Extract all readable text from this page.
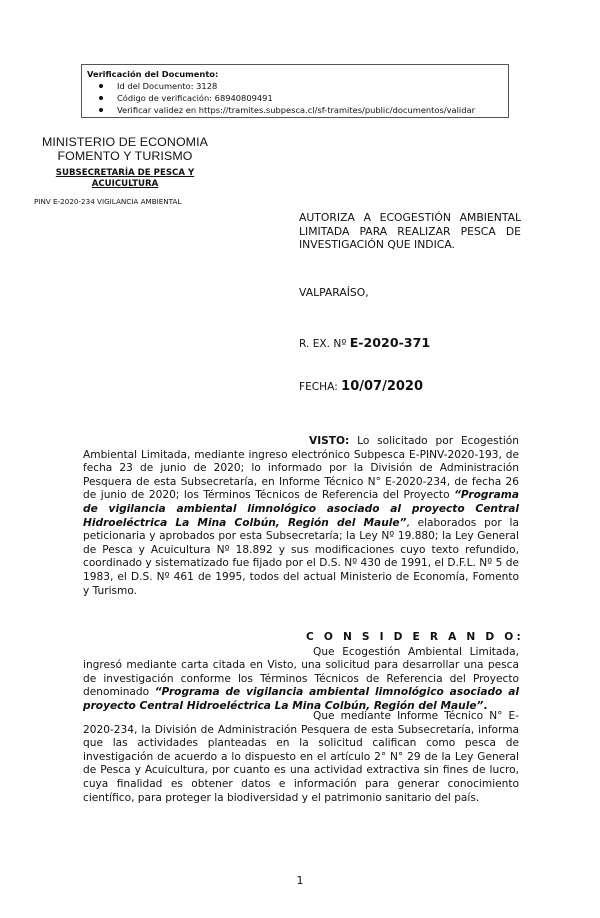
Verificación del Documento:
Id del Documento: 3128
Código de verificación: 68940809491
Verificar validez en https://tramites.subpesca.cl/sf-tramites/public/documentos/validar
MINISTERIO DE ECONOMIA
FOMENTO Y TURISMO
SUBSECRETARÍA DE PESCA Y
ACUICULTURA
PINV E-2020-234 VIGILANCIA AMBIENTAL
AUTORIZA A ECOGESTIÓN AMBIENTAL LIMITADA PARA REALIZAR PESCA DE INVESTIGACIÓN QUE INDICA.
VALPARAÍSO,
R. EX. Nº E-2020-371
FECHA: 10/07/2020
VISTO: Lo solicitado por Ecogestión Ambiental Limitada, mediante ingreso electrónico Subpesca E-PINV-2020-193, de fecha 23 de junio de 2020; lo informado por la División de Administración Pesquera de esta Subsecretaría, en Informe Técnico N° E-2020-234, de fecha 26 de junio de 2020; los Términos Técnicos de Referencia del Proyecto “Programa de vigilancia ambiental limnológico asociado al proyecto Central Hidroeléctrica La Mina Colbún, Región del Maule”, elaborados por la peticionaria y aprobados por esta Subsecretaría; la Ley Nº 19.880; la Ley General de Pesca y Acuicultura Nº 18.892 y sus modificaciones cuyo texto refundido, coordinado y sistematizado fue fijado por el D.S. Nº 430 de 1991, el D.F.L. Nº 5 de 1983, el D.S. Nº 461 de 1995, todos del actual Ministerio de Economía, Fomento y Turismo.
C O N S I D E R A N D O:

Que Ecogestión Ambiental Limitada, ingresó mediante carta citada en Visto, una solicitud para desarrollar una pesca de investigación conforme los Términos Técnicos de Referencia del Proyecto denominado “Programa de vigilancia ambiental limnológico asociado al proyecto Central Hidroeléctrica La Mina Colbún, Región del Maule”.
Que mediante Informe Técnico N° E-2020-234, la División de Administración Pesquera de esta Subsecretaría, informa que las actividades planteadas en la solicitud califican como pesca de investigación de acuerdo a lo dispuesto en el artículo 2° N° 29 de la Ley General de Pesca y Acuicultura, por cuanto es una actividad extractiva sin fines de lucro, cuya finalidad es obtener datos e información para generar conocimiento científico, para proteger la biodiversidad y el patrimonio sanitario del país.
1
